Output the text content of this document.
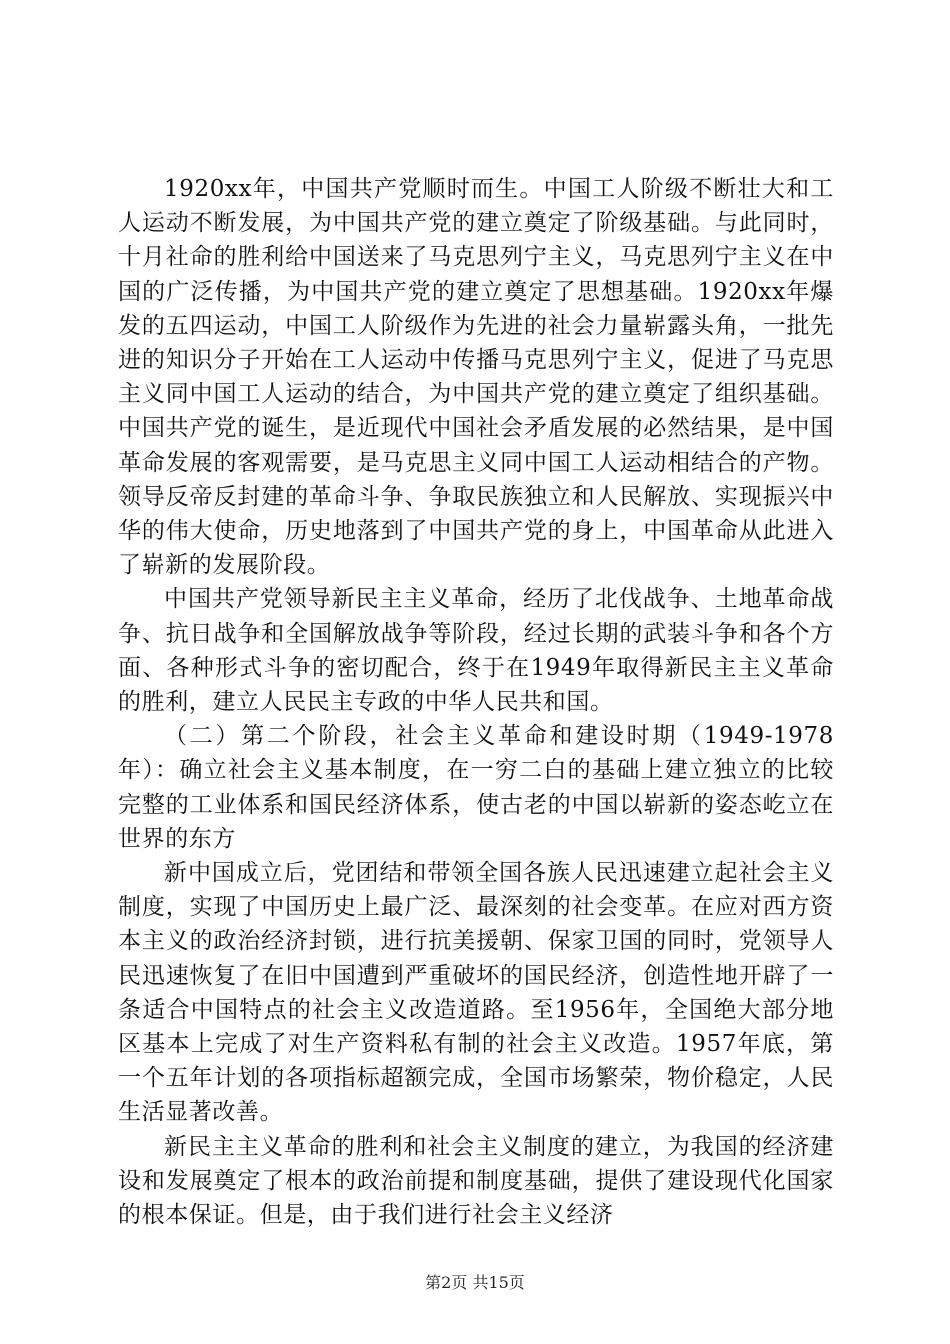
1920xx年，中国共产党顺时而生。中国工人阶级不断壮大和工人运动不断发展，为中国共产党的建立奠定了阶级基础。与此同时，十月社命的胜利给中国送来了马克思列宁主义，马克思列宁主义在中国的广泛传播，为中国共产党的建立奠定了思想基础。1920xx年爆发的五四运动，中国工人阶级作为先进的社会力量崭露头角，一批先进的知识分子开始在工人运动中传播马克思列宁主义，促进了马克思主义同中国工人运动的结合，为中国共产党的建立奠定了组织基础。中国共产党的诞生，是近现代中国社会矛盾发展的必然结果，是中国革命发展的客观需要，是马克思主义同中国工人运动相结合的产物。领导反帝反封建的革命斗争、争取民族独立和人民解放、实现振兴中华的伟大使命，历史地落到了中国共产党的身上，中国革命从此进入了崭新的发展阶段。

中国共产党领导新民主主义革命，经历了北伐战争、土地革命战争、抗日战争和全国解放战争等阶段，经过长期的武装斗争和各个方面、各种形式斗争的密切配合，终于在1949年取得新民主主义革命的胜利，建立人民民主专政的中华人民共和国。

（二）第二个阶段，社会主义革命和建设时期（1949-1978年）：确立社会主义基本制度，在一穷二白的基础上建立独立的比较完整的工业体系和国民经济体系，使古老的中国以崭新的姿态屹立在世界的东方

新中国成立后，党团结和带领全国各族人民迅速建立起社会主义制度，实现了中国历史上最广泛、最深刻的社会变革。在应对西方资本主义的政治经济封锁，进行抗美援朝、保家卫国的同时，党领导人民迅速恢复了在旧中国遭到严重破坏的国民经济，创造性地开辟了一条适合中国特点的社会主义改造道路。至1956年，全国绝大部分地区基本上完成了对生产资料私有制的社会主义改造。1957年底，第一个五年计划的各项指标超额完成，全国市场繁荣，物价稳定，人民生活显著改善。

新民主主义革命的胜利和社会主义制度的建立，为我国的经济建设和发展奠定了根本的政治前提和制度基础，提供了建设现代化国家的根本保证。但是，由于我们进行社会主义经济

第2页 共15页
